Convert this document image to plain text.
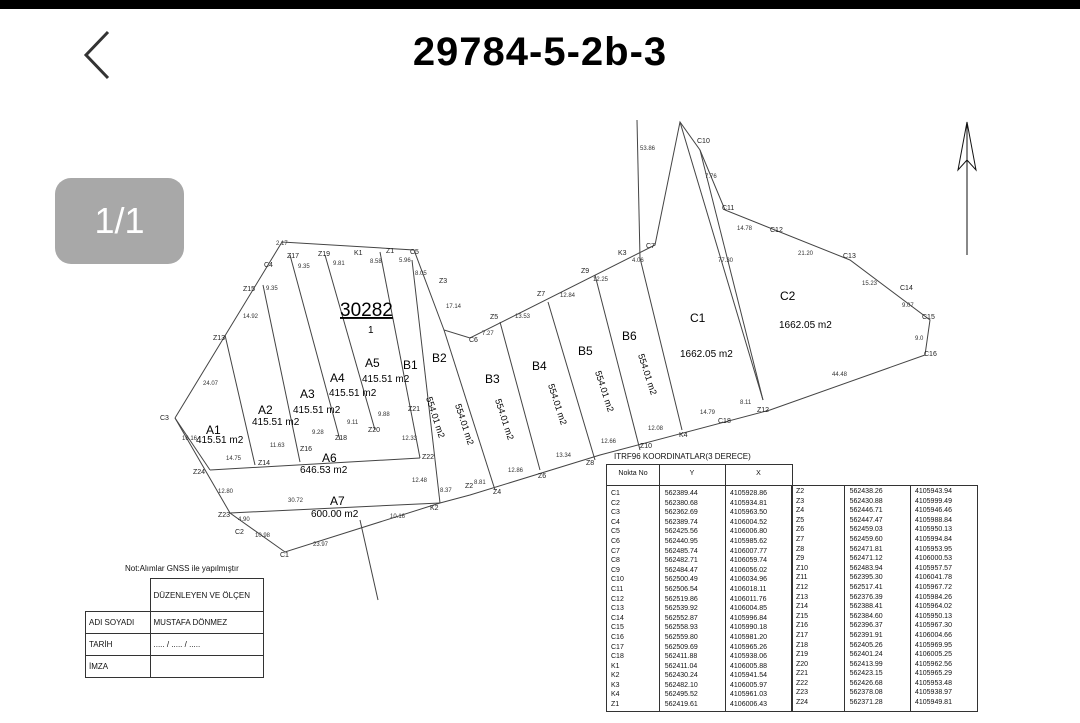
29784-5-2b-3
30282
1
A1
415.51 m2
A2
415.51 m2
A3
415.51 m2
A4
415.51 m2
A5
415.51 m2
A6
646.53 m2
A7
600.00 m2
B1
554.01 m2
B2
554.01 m2
B3
554.01 m2
B4
554.01 m2
B5
554.01 m2
B6
554.01 m2
C1
1662.05 m2
C2
1662.05 m2
C1
C2
C3
C4
C5
C6
C7
C10
C11
C12
C13
C14
C15
C16
C18
Z1
Z2
Z3
Z4
Z5
Z6
Z7
Z8
Z9
Z10
Z12
Z13
Z14
Z15
Z16
Z17
Z18
Z19
Z20
Z21
Z22
Z23
Z24
K1
K2
K3
K4
9.35	9.81	8.58	5.96
8.05
7.27
13.53
12.84
12.25
4.06
7.76
14.78
21.20
15.23
9.07
9.0
44.48
8.11
14.79
12.08
12.66
13.34
12.86
8.81
8.37
10.16
23.97
10.98
4.90
12.80
30.72
14.75
11.63
9.28
9.11
9.88
12.33
12.48
16.16
24.07
14.92
9.35
53.86
77.30
17.14
2.17
1/1
Not:Alımlar GNSS ile yapılmıştır
	DÜZENLEYEN VE ÖLÇEN
ADI SOYADI	MUSTAFA DÖNMEZ
TARİH	..... / ..... / .....
İMZA	
ITRF96 KOORDINATLAR(3 DERECE)
Nokta No	Y	X
C1	562389.44	4105928.86
C2	562380.68	4105934.81
C3	562362.69	4105963.50
C4	562389.74	4106004.52
C5	562425.56	4106006.80
C6	562440.95	4105985.62
C7	562485.74	4106007.77
C8	562482.71	4106059.74
C9	562484.47	4106056.02
C10	562500.49	4106034.96
C11	562506.54	4106018.11
C12	562519.86	4106011.76
C13	562539.92	4106004.85
C14	562552.87	4105996.84
C15	562558.93	4105990.18
C16	562559.80	4105981.20
C17	562509.69	4105965.26
C18	562411.88	4105938.06
K1	562411.04	4106005.88
K2	562430.24	4105941.54
K3	562482.10	4106005.97
K4	562495.52	4105961.03
Z1	562419.61	4106006.43
Z2	562438.26	4105943.94
Z3	562430.88	4105999.49
Z4	562446.71	4105946.46
Z5	562447.47	4105988.84
Z6	562459.03	4105950.13
Z7	562459.60	4105994.84
Z8	562471.81	4105953.95
Z9	562471.12	4106000.53
Z10	562483.94	4105957.57
Z11	562395.30	4106041.78
Z12	562517.41	4105967.72
Z13	562376.39	4105984.26
Z14	562388.41	4105964.02
Z15	562384.60	4105950.13
Z16	562396.37	4105967.30
Z17	562391.91	4106004.66
Z18	562405.26	4105969.95
Z19	562401.24	4106005.25
Z20	562413.99	4105962.56
Z21	562423.15	4105965.29
Z22	562426.68	4105953.48
Z23	562378.08	4105938.97
Z24	562371.28	4105949.81
